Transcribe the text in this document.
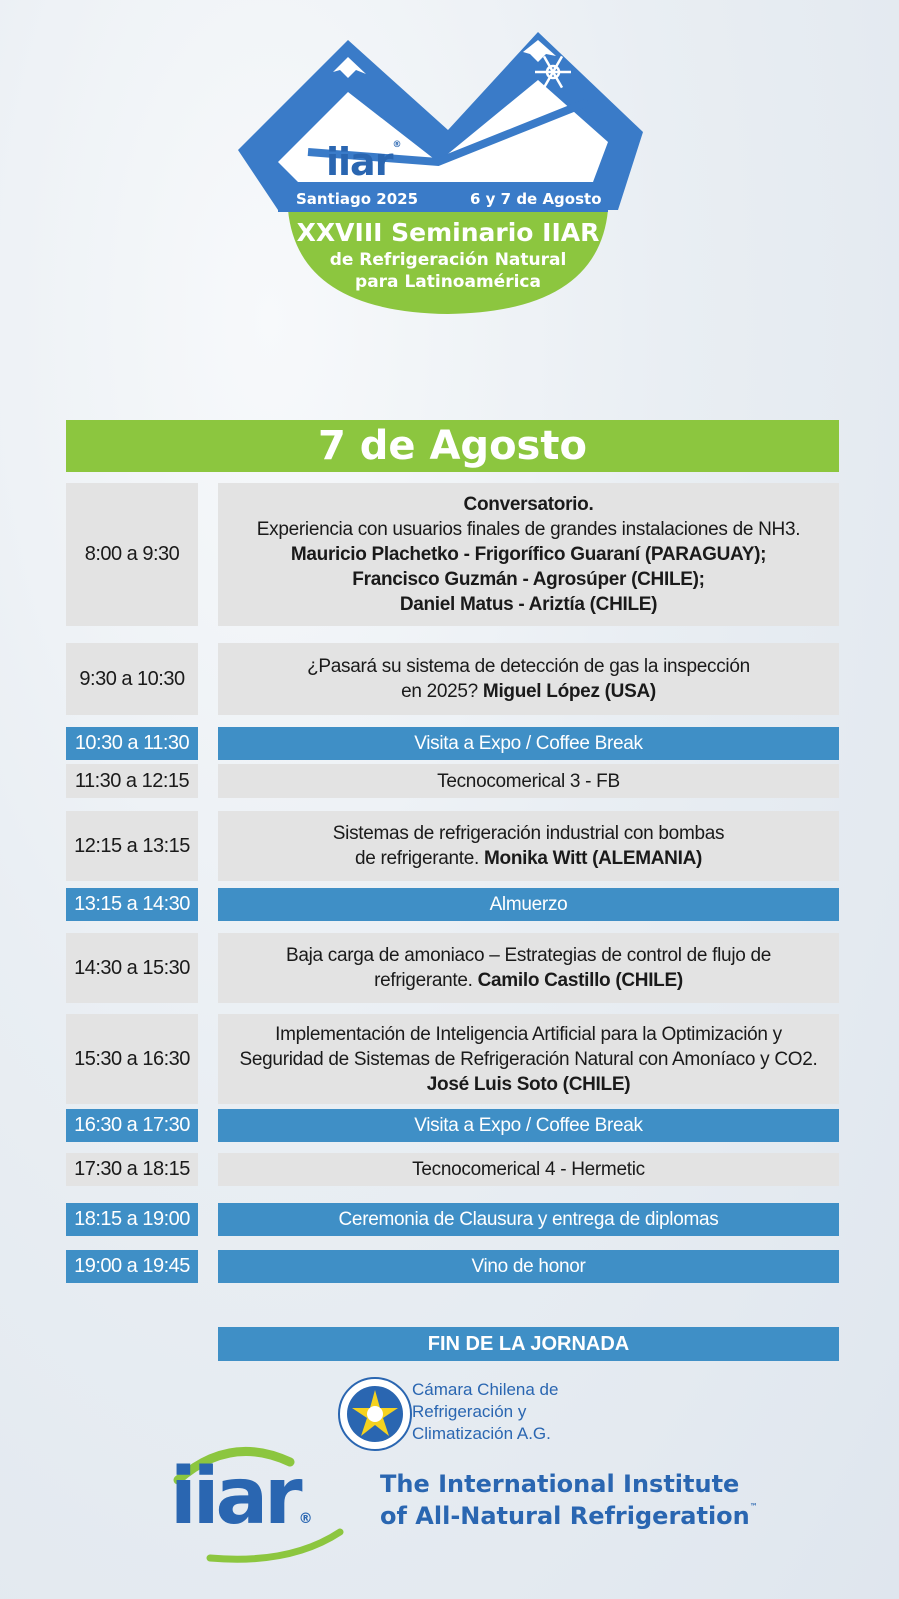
iiar®
Santiago 2025	6 y 7 de Agosto
XXVIII Seminario IIAR
de Refrigeración Natural
para Latinoamérica
7 de Agosto
8:00 a 9:30
Conversatorio.
Experiencia con usuarios finales de grandes instalaciones de NH3.
Mauricio Plachetko - Frigorífico Guaraní (PARAGUAY);
Francisco Guzmán - Agrosúper (CHILE);
Daniel Matus - Ariztía (CHILE)
9:30 a 10:30
¿Pasará su sistema de detección de gas la inspección
en 2025? Miguel López (USA)
10:30 a 11:30	Visita a Expo / Coffee Break
11:30 a 12:15	Tecnocomerical 3 - FB
12:15 a 13:15
Sistemas de refrigeración industrial con bombas
de refrigerante. Monika Witt (ALEMANIA)
13:15 a 14:30	Almuerzo
14:30 a 15:30
Baja carga de amoniaco – Estrategias de control de flujo de
refrigerante. Camilo Castillo (CHILE)
15:30 a 16:30
Implementación de Inteligencia Artificial para la Optimización y
Seguridad de Sistemas de Refrigeración Natural con Amoníaco y CO2.
José Luis Soto (CHILE)
16:30 a 17:30	Visita a Expo / Coffee Break
17:30 a 18:15	Tecnocomerical 4 - Hermetic
18:15 a 19:00	Ceremonia de Clausura y entrega de diplomas
19:00 a 19:45	Vino de honor
FIN DE LA JORNADA
Cámara Chilena de
Refrigeración y
Climatización A.G.
iiar®
The International Institute
of All-Natural Refrigeration™
